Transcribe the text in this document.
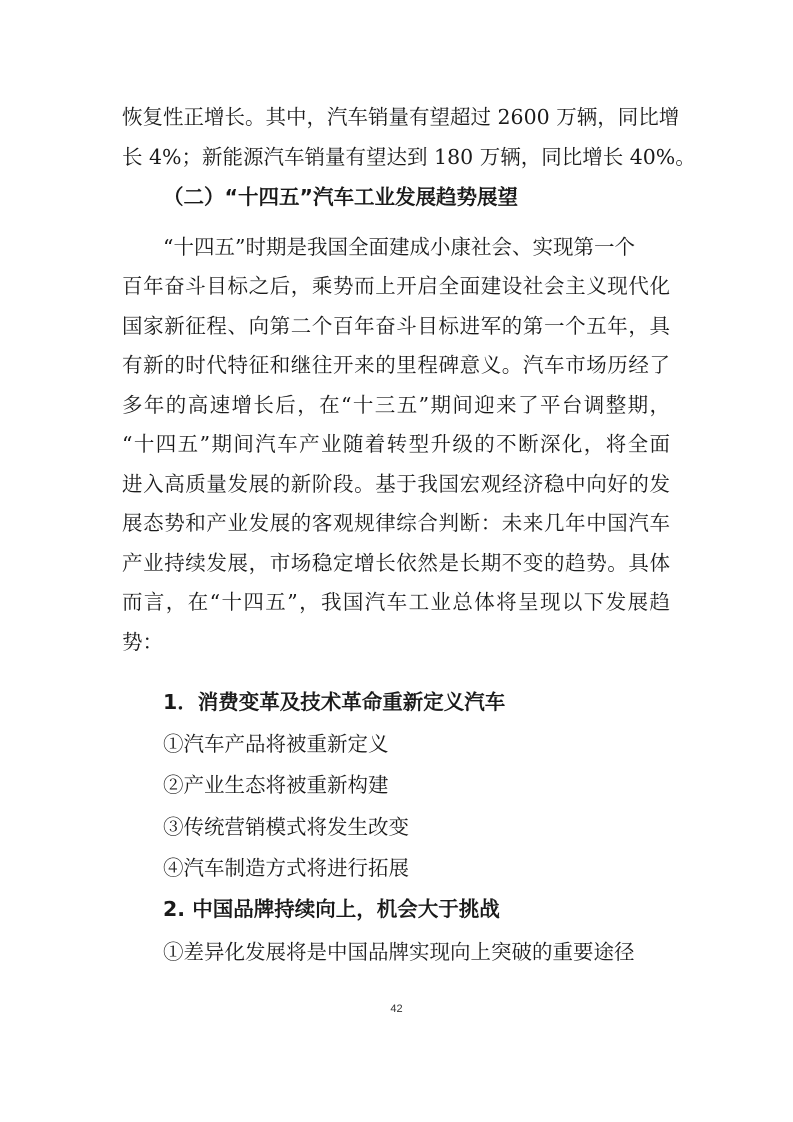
恢复性正增长。其中，汽车销量有望超过 2600 万辆，同比增
长 4%；新能源汽车销量有望达到 180 万辆，同比增长 40%。
（二）“十四五”汽车工业发展趋势展望
“十四五”时期是我国全面建成小康社会、实现第一个
百年奋斗目标之后，乘势而上开启全面建设社会主义现代化
国家新征程、向第二个百年奋斗目标进军的第一个五年，具
有新的时代特征和继往开来的里程碑意义。汽车市场历经了
多年的高速增长后，在“十三五”期间迎来了平台调整期，
“十四五”期间汽车产业随着转型升级的不断深化，将全面
进入高质量发展的新阶段。基于我国宏观经济稳中向好的发
展态势和产业发展的客观规律综合判断：未来几年中国汽车
产业持续发展，市场稳定增长依然是长期不变的趋势。具体
而言，在“十四五”，我国汽车工业总体将呈现以下发展趋
势：
1．消费变革及技术革命重新定义汽车
①汽车产品将被重新定义
②产业生态将被重新构建
③传统营销模式将发生改变
④汽车制造方式将进行拓展
2. 中国品牌持续向上，机会大于挑战
①差异化发展将是中国品牌实现向上突破的重要途径
42
